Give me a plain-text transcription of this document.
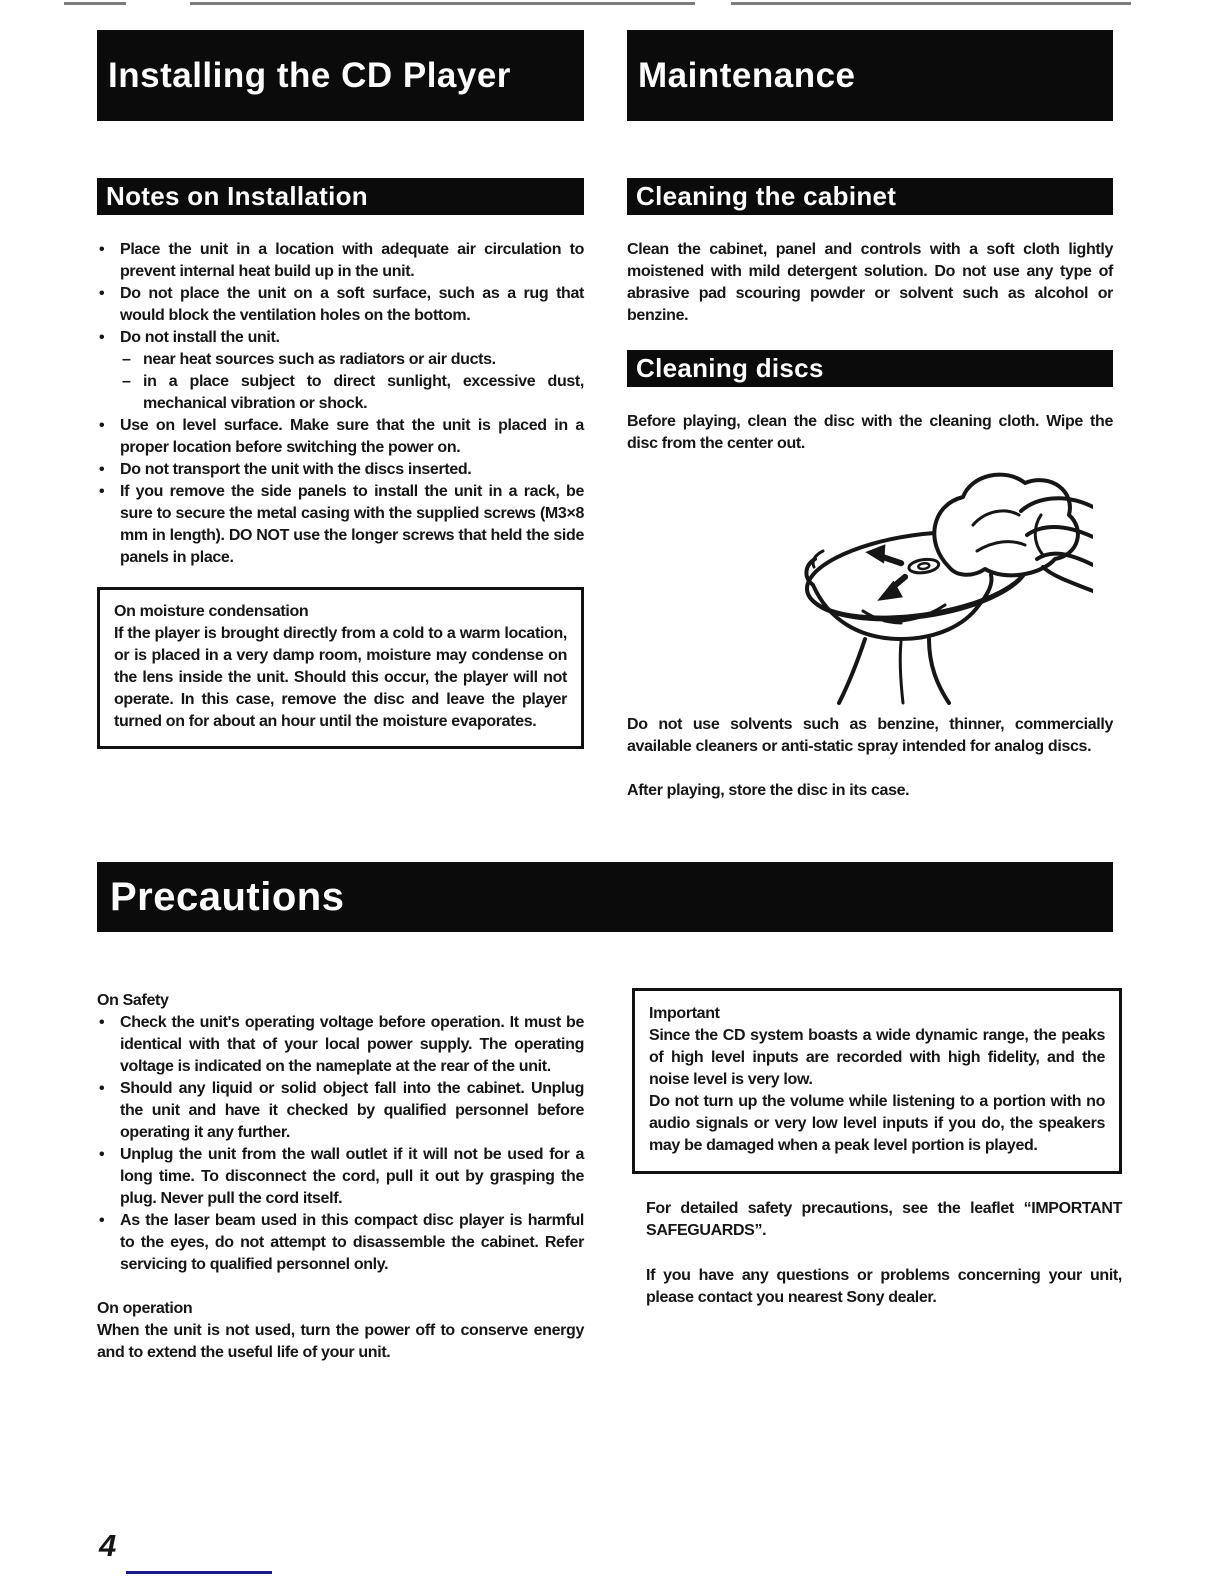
Installing the CD Player	Maintenance
Notes on Installation
• Place the unit in a location with adequate air circulation to prevent internal heat build up in the unit.
• Do not place the unit on a soft surface, such as a rug that would block the ventilation holes on the bottom.
• Do not install the unit.
– near heat sources such as radiators or air ducts.
– in a place subject to direct sunlight, excessive dust, mechanical vibration or shock.
• Use on level surface. Make sure that the unit is placed in a proper location before switching the power on.
• Do not transport the unit with the discs inserted.
• If you remove the side panels to install the unit in a rack, be sure to secure the metal casing with the supplied screws (M3×8 mm in length). DO NOT use the longer screws that held the side panels in place.
On moisture condensation
If the player is brought directly from a cold to a warm location, or is placed in a very damp room, moisture may condense on the lens inside the unit. Should this occur, the player will not operate. In this case, remove the disc and leave the player turned on for about an hour until the moisture evaporates.
Cleaning the cabinet

Clean the cabinet, panel and controls with a soft cloth lightly moistened with mild detergent solution. Do not use any type of abrasive pad scouring powder or solvent such as alcohol or benzine.

Cleaning discs

Before playing, clean the disc with the cleaning cloth. Wipe the disc from the center out.

Do not use solvents such as benzine, thinner, commercially available cleaners or anti-static spray intended for analog discs.

After playing, store the disc in its case.

Precautions
On Safety
• Check the unit's operating voltage before operation. It must be identical with that of your local power supply. The operating voltage is indicated on the nameplate at the rear of the unit.
• Should any liquid or solid object fall into the cabinet. Unplug the unit and have it checked by qualified personnel before operating it any further.
• Unplug the unit from the wall outlet if it will not be used for a long time. To disconnect the cord, pull it out by grasping the plug. Never pull the cord itself.
• As the laser beam used in this compact disc player is harmful to the eyes, do not attempt to disassemble the cabinet. Refer servicing to qualified personnel only.
On operation

When the unit is not used, turn the power off to conserve energy and to extend the useful life of your unit.

Important
Since the CD system boasts a wide dynamic range, the peaks of high level inputs are recorded with high fidelity, and the noise level is very low.
Do not turn up the volume while listening to a portion with no audio signals or very low level inputs if you do, the speakers may be damaged when a peak level portion is played.

For detailed safety precautions, see the leaflet “IMPORTANT SAFEGUARDS”.

If you have any questions or problems concerning your unit, please contact you nearest Sony dealer.

4
